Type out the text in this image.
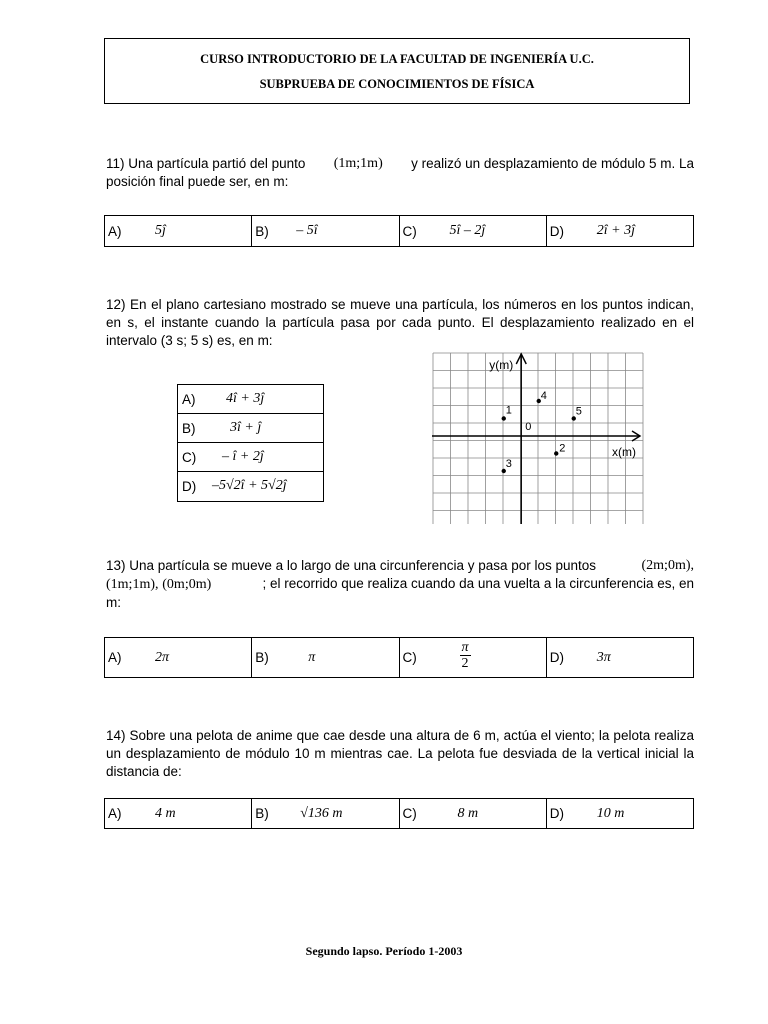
CURSO INTRODUCTORIO DE LA FACULTAD DE INGENIERÍA U.C.
SUBPRUEBA DE CONOCIMIENTOS DE FÍSICA
11) Una partícula partió del punto (1m;1m) y realizó un desplazamiento de módulo 5 m. La
posición final puede ser, en m:
A) 5ĵ	B) – 5î	C) 5î – 2ĵ	D) 2î + 3ĵ
12) En el plano cartesiano mostrado se mueve una partícula, los números en los puntos indican, en s, el instante cuando la partícula pasa por cada punto. El desplazamiento realizado en el intervalo (3 s; 5 s) es, en m:
A) 4î + 3ĵ
B) 3î + ĵ
C) – î + 2ĵ
D) –5√2î + 5√2ĵ
y(m)
x(m)
0
1
2
3
4
5
13) Una partícula se mueve a lo largo de una circunferencia y pasa por los puntos	(2m;0m),
(1m;1m), (0m;0m)	; el recorrido que realiza cuando da una vuelta a la circunferencia es, en
m:
A) 2π	B)	π	C)	$\frac{\pi}{2}$	D) 3π
14) Sobre una pelota de anime que cae desde una altura de 6 m, actúa el viento; la pelota realiza un desplazamiento de módulo 10 m mientras cae. La pelota fue desviada de la vertical inicial la distancia de:
A) 4 m	B) √136 m	C)	8 m	D) 10 m
Segundo lapso. Período 1-2003
